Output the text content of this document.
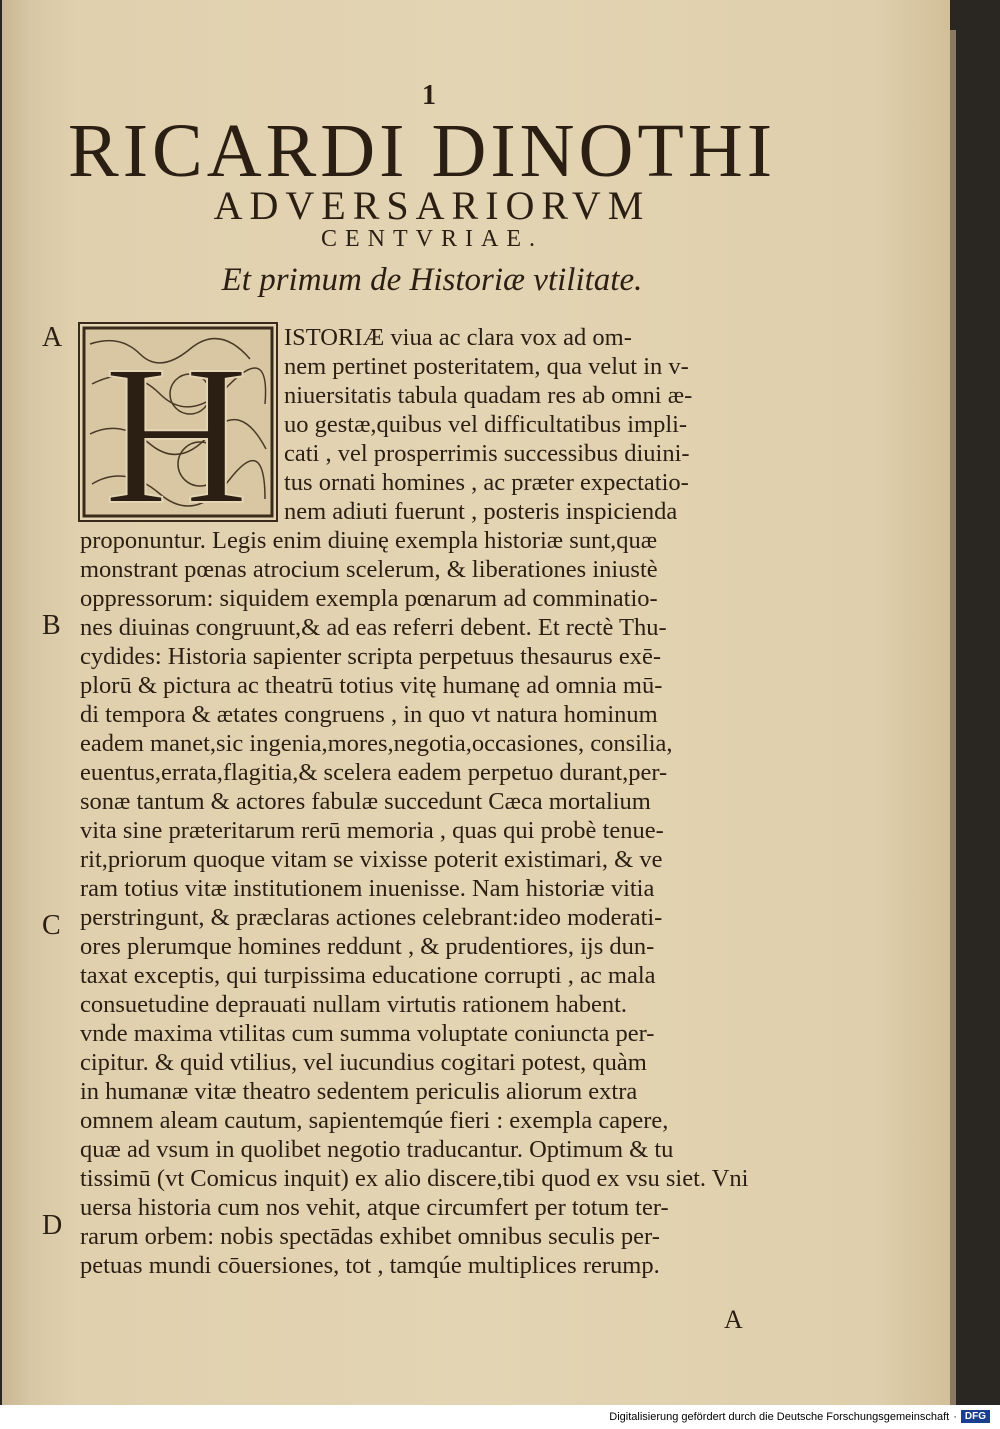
1
RICARDI DINOTHI
ADVERSARIORVM
CENTVRIAE.
Et primum de Historiæ vtilitate.
A
B
C
D
H ISTORIÆ viua ac clara vox ad om-
nem pertinet posteritatem, qua velut in v-
niuersitatis tabula quadam res ab omni æ-
uo gestæ,quibus vel difficultatibus impli-
cati , vel prosperrimis successibus diuini-
tus ornati homines , ac præter expectatio-
nem adiuti fuerunt , posteris inspicienda
proponuntur. Legis enim diuinę exempla historiæ sunt,quæ
monstrant pœnas atrocium scelerum, & liberationes iniustè
oppressorum: siquidem exempla pœnarum ad comminatio-
nes diuinas congruunt,& ad eas referri debent. Et rectè Thu-
cydides: Historia sapienter scripta perpetuus thesaurus exē-
plorū & pictura ac theatrū totius vitę humanę ad omnia mū-
di tempora & ætates congruens , in quo vt natura hominum
eadem manet,sic ingenia,mores,negotia,occasiones, consilia,
euentus,errata,flagitia,& scelera eadem perpetuo durant,per-
sonæ tantum & actores fabulæ succedunt Cæca mortalium
vita sine præteritarum rerū memoria , quas qui probè tenue-
rit,priorum quoque vitam se vixisse poterit existimari, & ve
ram totius vitæ institutionem inuenisse. Nam historiæ vitia
perstringunt, & præclaras actiones celebrant:ideo moderati-
ores plerumque homines reddunt , & prudentiores, ijs dun-
taxat exceptis, qui turpissima educatione corrupti , ac mala
consuetudine deprauati nullam virtutis rationem habent.
vnde maxima vtilitas cum summa voluptate coniuncta per-
cipitur. & quid vtilius, vel iucundius cogitari potest, quàm
in humanæ vitæ theatro sedentem periculis aliorum extra
omnem aleam cautum, sapientemqúe fieri : exempla capere,
quæ ad vsum in quolibet negotio traducantur. Optimum & tu
tissimū (vt Comicus inquit) ex alio discere,tibi quod ex vsu siet. Vni
uersa historia cum nos vehit, atque circumfert per totum ter-
rarum orbem: nobis spectādas exhibet omnibus seculis per-
petuas mundi cōuersiones, tot , tamqúe multiplices rerump.
A
Digitalisierung gefördert durch die Deutsche Forschungsgemeinschaft · DFG
